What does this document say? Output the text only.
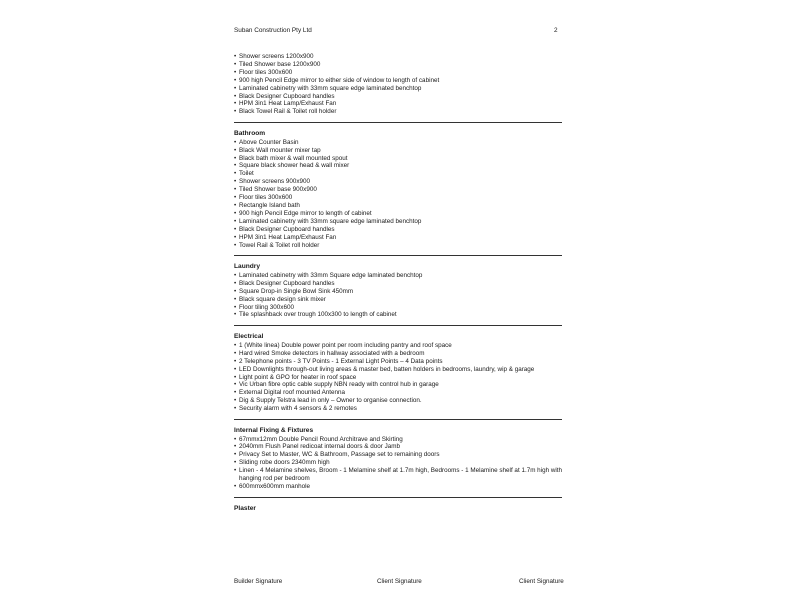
Suban Construction Pty Ltd	2
• Shower screens 1200x900
• Tiled Shower base 1200x900
• Floor tiles 300x600
• 900 high Pencil Edge mirror to either side of window to length of cabinet
• Laminated cabinetry with 33mm square edge laminated benchtop
• Black Designer Cupboard handles
• HPM 3in1 Heat Lamp/Exhaust Fan
• Black Towel Rail & Toilet roll holder
Bathroom
• Above Counter Basin
• Black Wall mounter mixer tap
• Black bath mixer & wall mounted spout
• Square black shower head & wall mixer
• Toilet
• Shower screens 900x900
• Tiled Shower base 900x900
• Floor tiles 300x600
• Rectangle Island bath
• 900 high Pencil Edge mirror to length of cabinet
• Laminated cabinetry with 33mm square edge laminated benchtop
• Black Designer Cupboard handles
• HPM 3in1 Heat Lamp/Exhaust Fan
• Towel Rail & Toilet roll holder
Laundry
• Laminated cabinetry with 33mm Square edge laminated benchtop
• Black Designer Cupboard handles
• Square Drop-in Single Bowl Sink 450mm
• Black square design sink mixer
• Floor tiling 300x600
• Tile splashback over trough 100x300 to length of cabinet
Electrical
• 1 (White linea) Double power point per room including pantry and roof space
• Hard wired Smoke detectors in hallway associated with a bedroom
• 2 Telephone points - 3 TV Points - 1 External Light Points – 4 Data points
• LED Downlights through-out living areas & master bed, batten holders in bedrooms, laundry, wip & garage
• Light point & GPO for heater in roof space
• Vic Urban fibre optic cable supply NBN ready with control hub in garage
• External Digital roof mounted Antenna
• Dig & Supply Telstra lead in only – Owner to organise connection.
• Security alarm with 4 sensors & 2 remotes
Internal Fixing & Fixtures
• 67mmx12mm Double Pencil Round Architrave and Skirting
• 2040mm Flush Panel redicoat internal doors & door Jamb
• Privacy Set to Master, WC & Bathroom, Passage set to remaining doors
• Sliding robe doors 2340mm high
• Linen - 4 Melamine shelves, Broom - 1 Melamine shelf at 1.7m high, Bedrooms - 1 Melamine shelf at 1.7m high with hanging rod per bedroom
• 600mmx600mm manhole
Plaster
Builder Signature	Client Signature	Client Signature
